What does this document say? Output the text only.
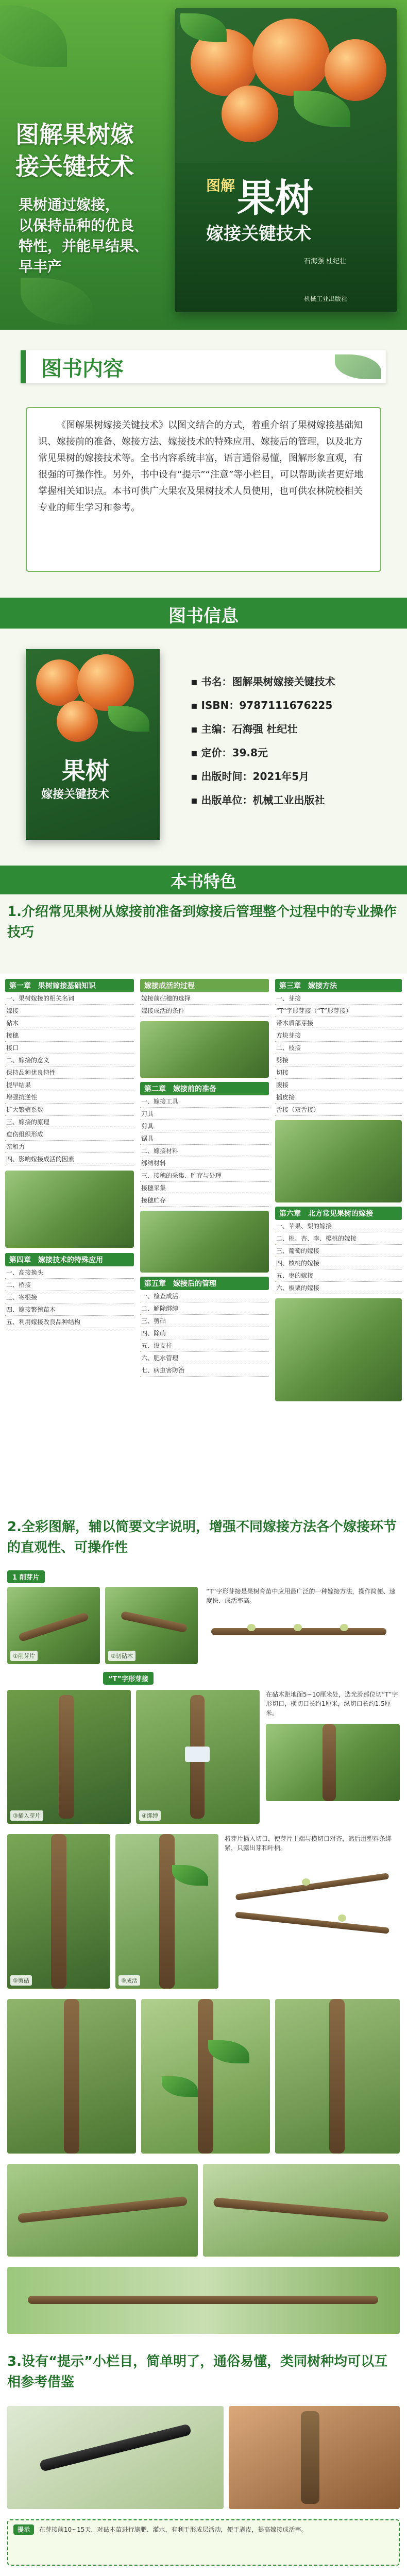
图解果树嫁
接关键技术
果树通过嫁接，
以保持品种的优良
特性，并能早结果、
早丰产
图解 果树
嫁接关键技术
石海强 杜纪壮
机械工业出版社
图书内容
《图解果树嫁接关键技术》以图文结合的方式，着重介绍了果树嫁接基础知识、嫁接前的准备、嫁接方法、嫁接技术的特殊应用、嫁接后的管理，以及北方常见果树的嫁接技术等。全书内容系统丰富，语言通俗易懂，图解形象直观，有很强的可操作性。另外，书中设有“提示”“注意”等小栏目，可以帮助读者更好地掌握相关知识点。本书可供广大果农及果树技术人员使用，也可供农林院校相关专业的师生学习和参考。
图书信息
果树
嫁接关键技术
▪ 书名：图解果树嫁接关键技术
▪ ISBN：9787111676225
▪ 主编：石海强 杜纪壮
▪ 定价：39.8元
▪ 出版时间：2021年5月
▪ 出版单位：机械工业出版社
本书特色
1.介绍常见果树从嫁接前准备到嫁接后管理整个过程中的专业操作技巧
第一章　果树嫁接基础知识
一、果树嫁接的相关名词
嫁接
砧木
接穗
接口
二、嫁接的意义
保持品种优良特性
提早结果
增强抗逆性
扩大繁殖系数
三、嫁接的原理
愈伤组织形成
亲和力
四、影响嫁接成活的因素
第四章　嫁接技术的特殊应用
一、高接换头
二、桥接
三、寄根接
四、嫁接繁殖苗木
五、利用嫁接改良品种结构
嫁接成活的过程
嫁接前砧穗的选择
嫁接成活的条件
第二章　嫁接前的准备
一、嫁接工具
刀具
剪具
锯具
二、嫁接材料
绑缚材料
三、接穗的采集、贮存与处理
接穗采集
接穗贮存
第五章　嫁接后的管理
一、检查成活
二、解除绑缚
三、剪砧
四、除萌
五、设支柱
六、肥水管理
七、病虫害防治
第三章　嫁接方法
一、芽接
“T”字形芽接（“T”形芽接）
带木质部芽接
方块芽接
二、枝接
劈接
切接
腹接
插皮接
舌接（双舌接）
第六章　北方常见果树的嫁接
一、苹果、梨的嫁接
二、桃、杏、李、樱桃的嫁接
三、葡萄的嫁接
四、核桃的嫁接
五、枣的嫁接
六、板栗的嫁接
2.全彩图解，辅以简要文字说明，增强不同嫁接方法各个嫁接环节的直观性、可操作性
1 削芽片
①削芽片	②切砧木
“T”字形芽接是果树育苗中应用最广泛的一种嫁接方法，操作简便、速度快、成活率高。
“T”字形芽接
③插入芽片	④绑缚
在砧木距地面5~10厘米处，选光滑部位切“T”字形切口，横切口长约1厘米，纵切口长约1.5厘米。
⑤剪砧	⑥成活
将芽片插入切口，使芽片上端与横切口对齐，然后用塑料条绑紧，只露出芽和叶柄。
3.设有“提示”小栏目，简单明了，通俗易懂，类同树种均可以互相参考借鉴
提示 在芽接前10~15天，对砧木苗进行施肥、灌水，有利于形成层活动，便于剥皮，提高嫁接成活率。
